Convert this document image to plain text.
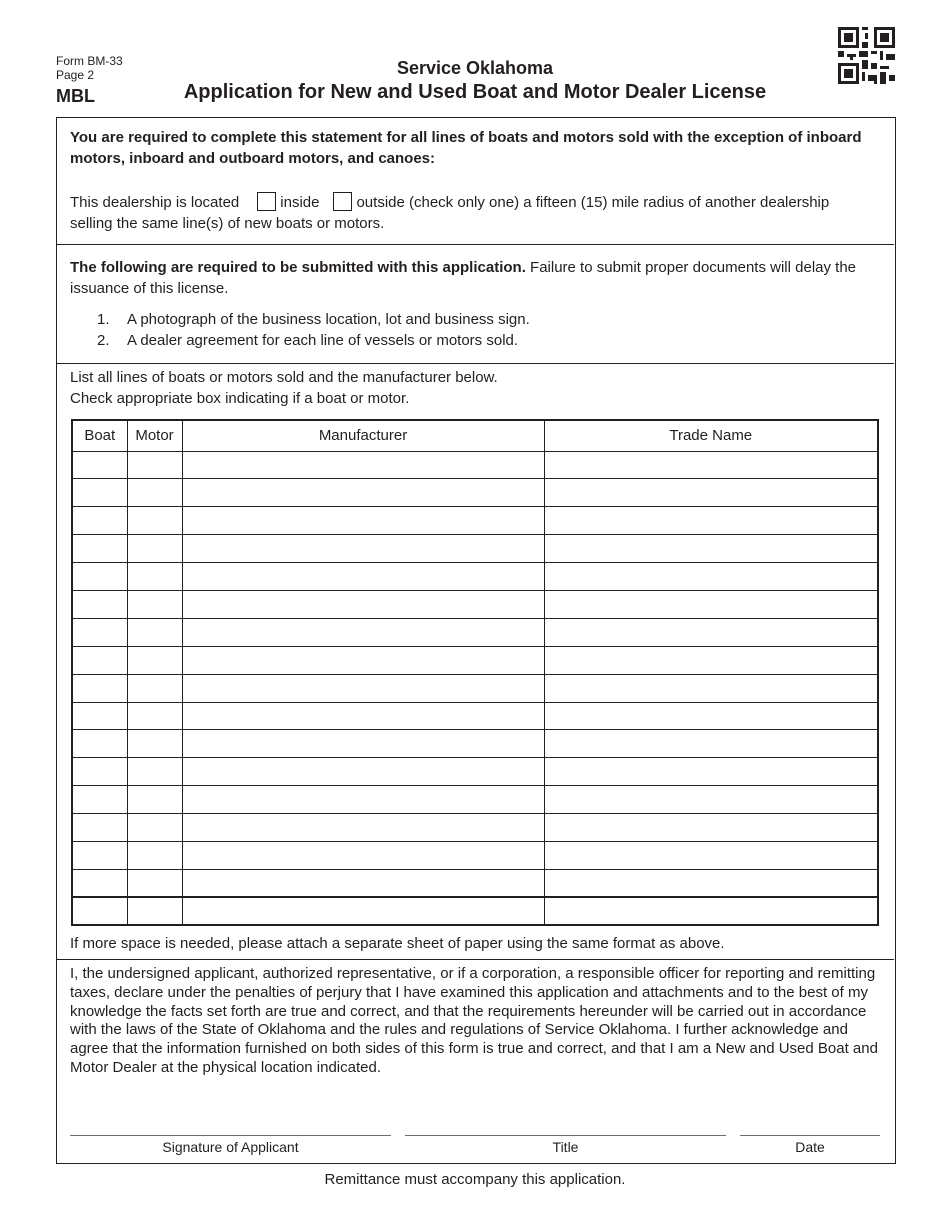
Form BM-33
Page 2
MBL
Service Oklahoma
Application for New and Used Boat and Motor Dealer License
You are required to complete this statement for all lines of boats and motors sold with the exception of inboard motors, inboard and outboard motors, and canoes:
This dealership is located	inside outside (check only one) a fifteen (15) mile radius of another dealership selling the same line(s) of new boats or motors.
The following are required to be submitted with this application. Failure to submit proper documents will delay the issuance of this license.
1.	A photograph of the business location, lot and business sign.
2.	A dealer agreement for each line of vessels or motors sold.
List all lines of boats or motors sold and the manufacturer below.
Check appropriate box indicating if a boat or motor.
Boat	Motor	Manufacturer	Trade Name

If more space is needed, please attach a separate sheet of paper using the same format as above.
I, the undersigned applicant, authorized representative, or if a corporation, a responsible officer for reporting and remitting taxes, declare under the penalties of perjury that I have examined this application and attachments and to the best of my knowledge the facts set forth are true and correct, and that the requirements hereunder will be carried out in accordance with the laws of the State of Oklahoma and the rules and regulations of Service Oklahoma. I further acknowledge and agree that the information furnished on both sides of this form is true and correct, and that I am a New and Used Boat and Motor Dealer at the physical location indicated.
Signature of Applicant	Title	Date
Remittance must accompany this application.
